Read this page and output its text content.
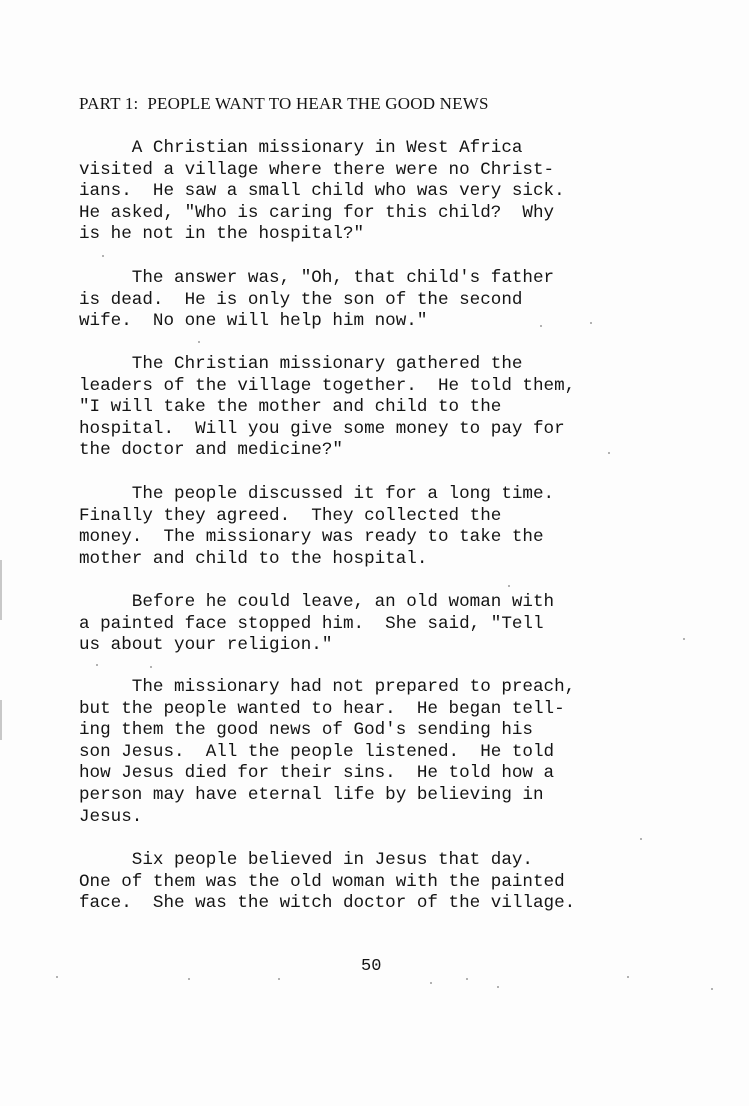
PART 1:  PEOPLE WANT TO HEAR THE GOOD NEWS

A Christian missionary in West Africa
visited a village where there were no Christ-
ians.  He saw a small child who was very sick.
He asked, "Who is caring for this child?  Why
is he not in the hospital?"

The answer was, "Oh, that child's father
is dead.  He is only the son of the second
wife.  No one will help him now."

The Christian missionary gathered the
leaders of the village together.  He told them,
"I will take the mother and child to the
hospital.  Will you give some money to pay for
the doctor and medicine?"

The people discussed it for a long time.
Finally they agreed.  They collected the
money.  The missionary was ready to take the
mother and child to the hospital.

Before he could leave, an old woman with
a painted face stopped him.  She said, "Tell
us about your religion."

The missionary had not prepared to preach,
but the people wanted to hear.  He began tell-
ing them the good news of God's sending his
son Jesus.  All the people listened.  He told
how Jesus died for their sins.  He told how a
person may have eternal life by believing in
Jesus.

Six people believed in Jesus that day.
One of them was the old woman with the painted
face.  She was the witch doctor of the village.

50
